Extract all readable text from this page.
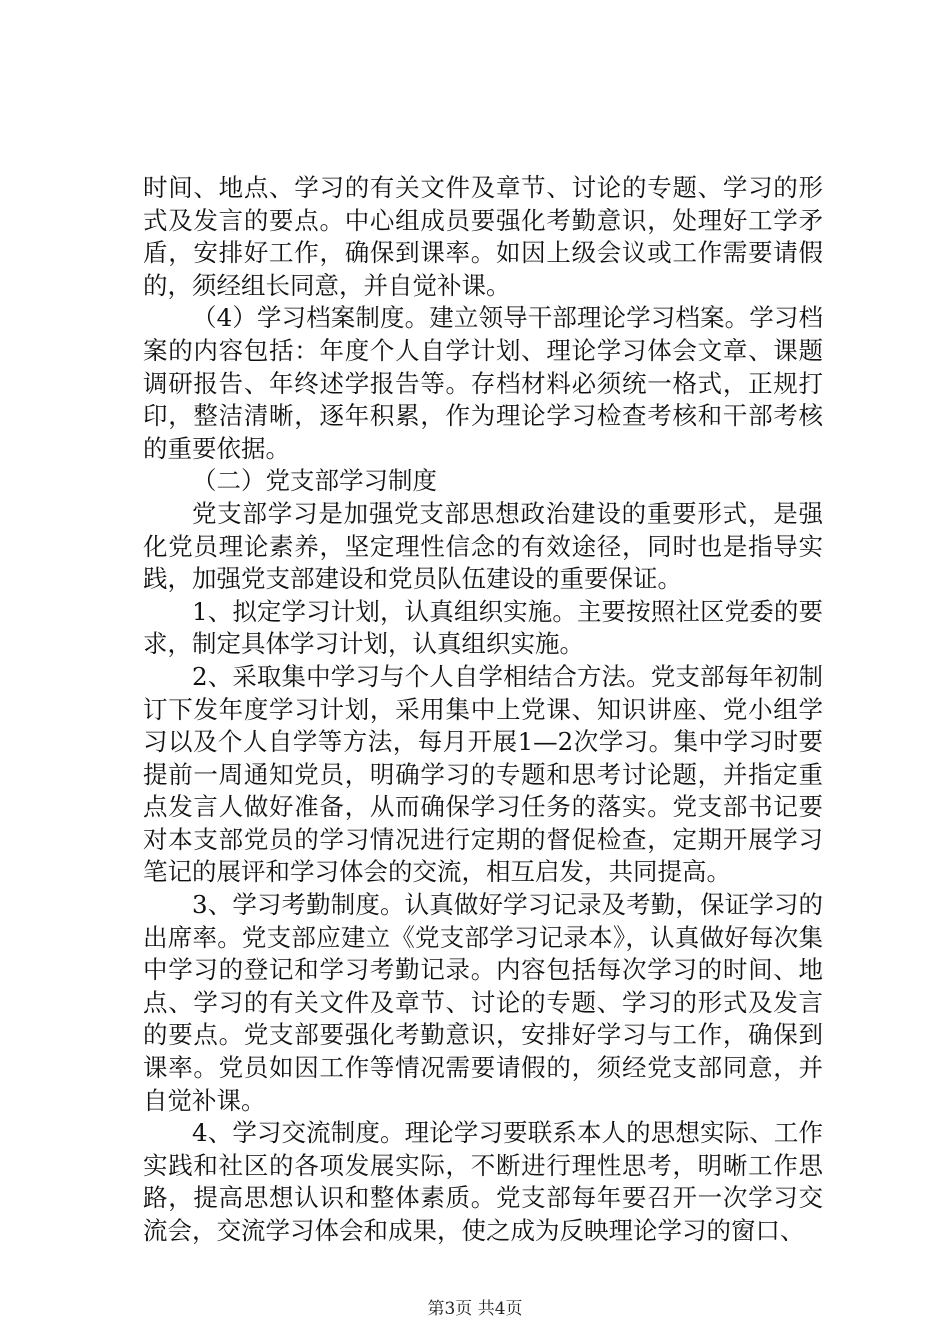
时间、地点、学习的有关文件及章节、讨论的专题、学习的形式及发言的要点。中心组成员要强化考勤意识，处理好工学矛盾，安排好工作，确保到课率。如因上级会议或工作需要请假的，须经组长同意，并自觉补课。

（4）学习档案制度。建立领导干部理论学习档案。学习档案的内容包括：年度个人自学计划、理论学习体会文章、课题调研报告、年终述学报告等。存档材料必须统一格式，正规打印，整洁清晰，逐年积累，作为理论学习检查考核和干部考核的重要依据。

（二）党支部学习制度

党支部学习是加强党支部思想政治建设的重要形式，是强化党员理论素养，坚定理性信念的有效途径，同时也是指导实践，加强党支部建设和党员队伍建设的重要保证。

1、拟定学习计划，认真组织实施。主要按照社区党委的要求，制定具体学习计划，认真组织实施。

2、采取集中学习与个人自学相结合方法。党支部每年初制订下发年度学习计划，采用集中上党课、知识讲座、党小组学习以及个人自学等方法，每月开展1—2次学习。集中学习时要提前一周通知党员，明确学习的专题和思考讨论题，并指定重点发言人做好准备，从而确保学习任务的落实。党支部书记要对本支部党员的学习情况进行定期的督促检查，定期开展学习笔记的展评和学习体会的交流，相互启发，共同提高。

3、学习考勤制度。认真做好学习记录及考勤，保证学习的出席率。党支部应建立《党支部学习记录本》，认真做好每次集中学习的登记和学习考勤记录。内容包括每次学习的时间、地点、学习的有关文件及章节、讨论的专题、学习的形式及发言的要点。党支部要强化考勤意识，安排好学习与工作，确保到课率。党员如因工作等情况需要请假的，须经党支部同意，并自觉补课。

4、学习交流制度。理论学习要联系本人的思想实际、工作实践和社区的各项发展实际，不断进行理性思考，明晰工作思路，提高思想认识和整体素质。党支部每年要召开一次学习交流会，交流学习体会和成果，使之成为反映理论学习的窗口、

第3页 共4页
